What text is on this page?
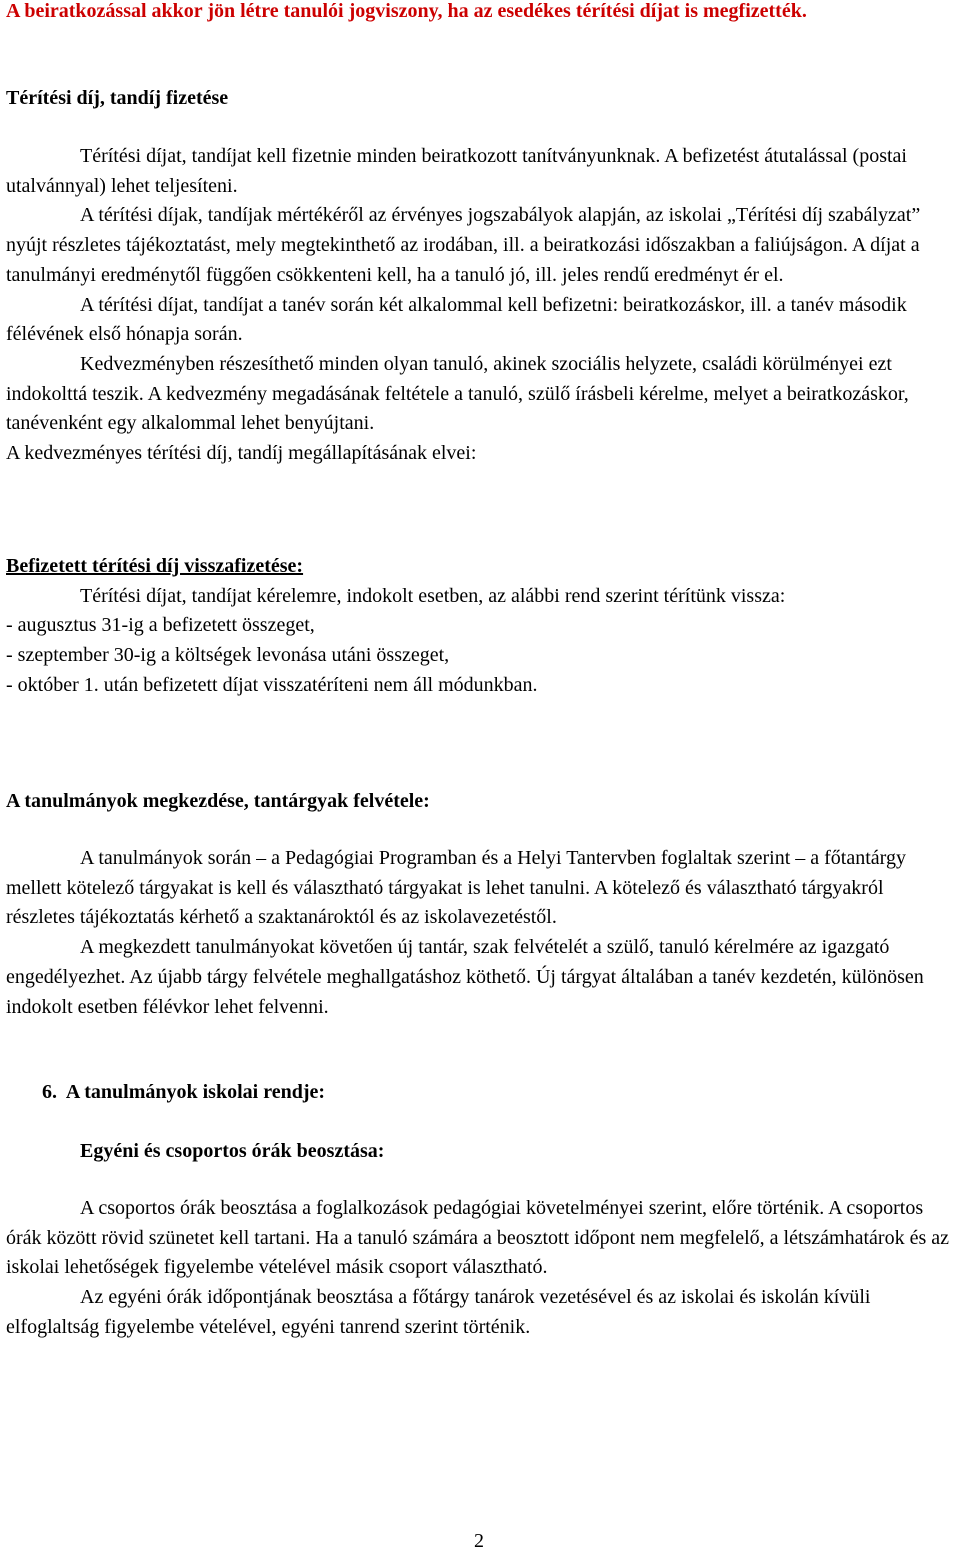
A beiratkozással akkor jön létre tanulói jogviszony, ha az esedékes térítési díjat is megfizették.

Térítési díj, tandíj fizetése

Térítési díjat, tandíjat kell fizetnie minden beiratkozott tanítványunknak. A befizetést átutalással (postai utalvánnyal) lehet teljesíteni.

A térítési díjak, tandíjak mértékéről az érvényes jogszabályok alapján, az iskolai „Térítési díj szabályzat” nyújt részletes tájékoztatást, mely megtekinthető az irodában, ill. a beiratkozási időszakban a faliújságon. A díjat a tanulmányi eredménytől függően csökkenteni kell, ha a tanuló jó, ill. jeles rendű eredményt ér el.

A térítési díjat, tandíjat a tanév során két alkalommal kell befizetni: beiratkozáskor, ill. a tanév második félévének első hónapja során.

Kedvezményben részesíthető minden olyan tanuló, akinek szociális helyzete, családi körülményei ezt indokolttá teszik. A kedvezmény megadásának feltétele a tanuló, szülő írásbeli kérelme, melyet a beiratkozáskor, tanévenként egy alkalommal lehet benyújtani.

A kedvezményes térítési díj, tandíj megállapításának elvei:

Befizetett térítési díj visszafizetése:

Térítési díjat, tandíjat kérelemre, indokolt esetben, az alábbi rend szerint térítünk vissza:

- augusztus 31-ig a befizetett összeget,

- szeptember 30-ig a költségek levonása utáni összeget,

- október 1. után befizetett díjat visszatéríteni nem áll módunkban.

A tanulmányok megkezdése, tantárgyak felvétele:

A tanulmányok során – a Pedagógiai Programban és a Helyi Tantervben foglaltak szerint – a főtantárgy mellett kötelező tárgyakat is kell és választható tárgyakat is lehet tanulni. A kötelező és választható tárgyakról részletes tájékoztatás kérhető a szaktanároktól és az iskolavezetéstől.

A megkezdett tanulmányokat követően új tantár, szak felvételét a szülő, tanuló kérelmére az igazgató engedélyezhet. Az újabb tárgy felvétele meghallgatáshoz köthető. Új tárgyat általában a tanév kezdetén, különösen indokolt esetben félévkor lehet felvenni.

6. A tanulmányok iskolai rendje:

Egyéni és csoportos órák beosztása:

A csoportos órák beosztása a foglalkozások pedagógiai követelményei szerint, előre történik. A csoportos órák között rövid szünetet kell tartani. Ha a tanuló számára a beosztott időpont nem megfelelő, a létszámhatárok és az iskolai lehetőségek figyelembe vételével másik csoport választható.

Az egyéni órák időpontjának beosztása a főtárgy tanárok vezetésével és az iskolai és iskolán kívüli elfoglaltság figyelembe vételével, egyéni tanrend szerint történik.

2
